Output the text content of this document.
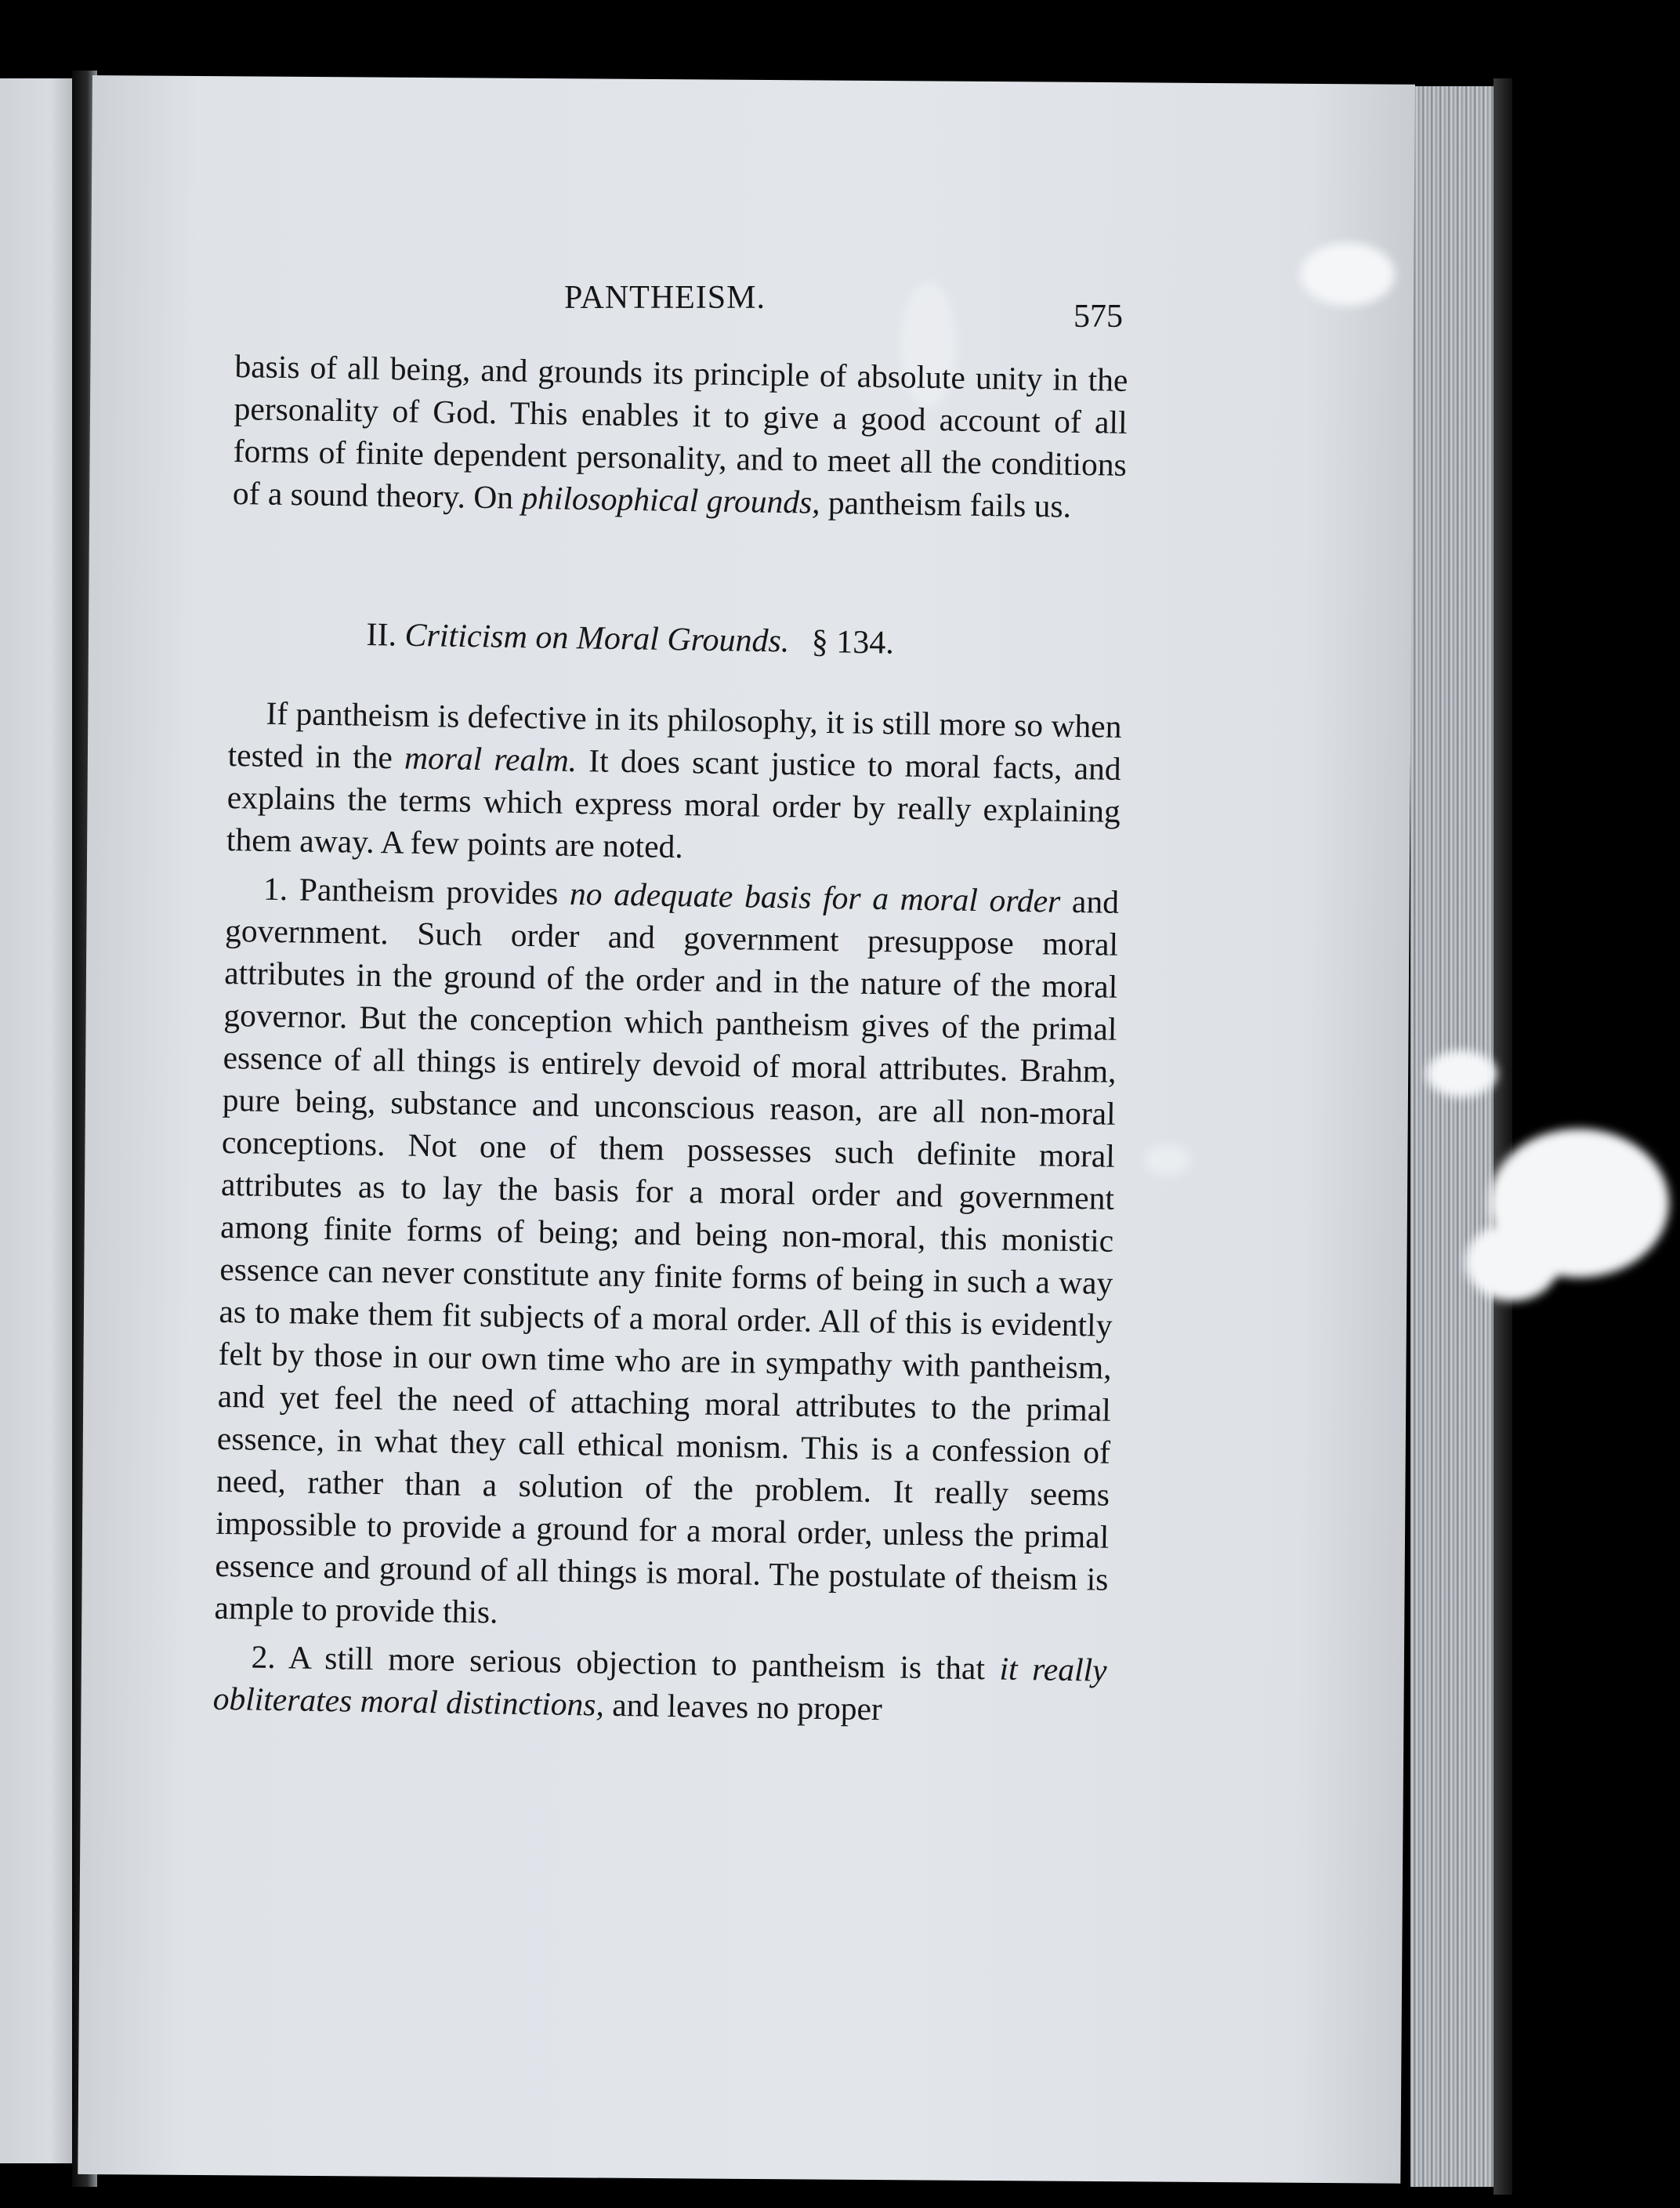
PANTHEISM.
575

basis of all being, and grounds its principle of absolute unity in the personality of God. This enables it to give a good account of all forms of finite dependent personality, and to meet all the conditions of a sound theory. On philosophical grounds, pantheism fails us.

II. Criticism on Moral Grounds. § 134.

If pantheism is defective in its philosophy, it is still more so when tested in the moral realm. It does scant justice to moral facts, and explains the terms which express moral order by really explaining them away. A few points are noted.

1. Pantheism provides no adequate basis for a moral order and government. Such order and government presuppose moral attributes in the ground of the order and in the nature of the moral governor. But the conception which pantheism gives of the primal essence of all things is entirely devoid of moral attributes. Brahm, pure being, substance and unconscious reason, are all non-moral conceptions. Not one of them possesses such definite moral attributes as to lay the basis for a moral order and government among finite forms of being; and being non-moral, this monistic essence can never constitute any finite forms of being in such a way as to make them fit subjects of a moral order. All of this is evidently felt by those in our own time who are in sympathy with pantheism, and yet feel the need of attaching moral attributes to the primal essence, in what they call ethical monism. This is a confession of need, rather than a solution of the problem. It really seems impossible to provide a ground for a moral order, unless the primal essence and ground of all things is moral. The postulate of theism is ample to provide this.

2. A still more serious objection to pantheism is that it really obliterates moral distinctions, and leaves no proper
